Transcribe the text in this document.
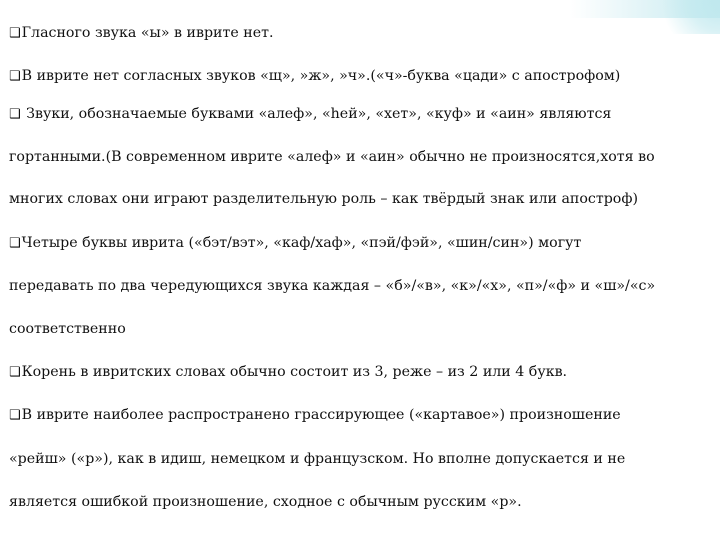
❑Гласного звука «ы» в иврите нет.
❑В иврите нет согласных звуков «щ», »ж», »ч».(«ч»-буква «цади» с апострофом)
❑ Звуки, обозначаемые буквами «алеф», «hей», «хет», «куф» и «аин» являются
гортанными.(В современном иврите «алеф» и «аин» обычно не произносятся,хотя во
многих словах они играют разделительную роль – как твёрдый знак или апостроф)
❑Четыре буквы иврита («бэт/вэт», «каф/хаф», «пэй/фэй», «шин/син») могут
передавать по два чередующихся звука каждая – «б»/«в», «к»/«х», «п»/«ф» и «ш»/«с»
соответственно
❑Корень в ивритских словах обычно состоит из 3, реже – из 2 или 4 букв.
❑В иврите наиболее распространено грассирующее («картавое») произношение
«рейш» («р»), как в идиш, немецком и французском. Но вполне допускается и не
является ошибкой произношение, сходное с обычным русским «р».
